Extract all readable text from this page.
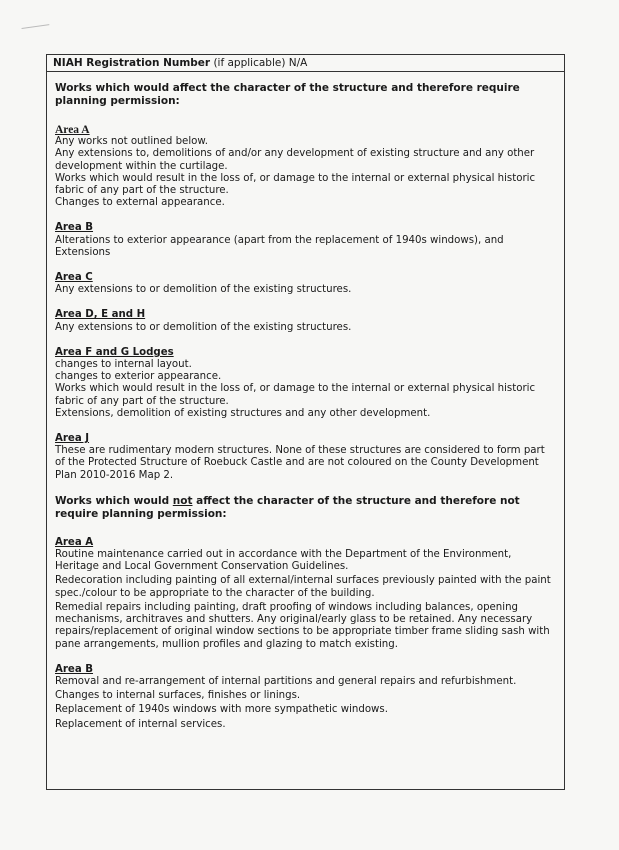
NIAH Registration Number (if applicable) N/A
Works which would affect the character of the structure and therefore require planning permission:
Area A
Any works not outlined below.
Any extensions to, demolitions of and/or any development of existing structure and any other development within the curtilage.
Works which would result in the loss of, or damage to the internal or external physical historic fabric of any part of the structure.
Changes to external appearance.
Area B
Alterations to exterior appearance (apart from the replacement of 1940s windows), and Extensions
Area C
Any extensions to or demolition of the existing structures.
Area D, E and H
Any extensions to or demolition of the existing structures.
Area F and G Lodges
changes to internal layout.
changes to exterior appearance.
Works which would result in the loss of, or damage to the internal or external physical historic fabric of any part of the structure.
Extensions, demolition of existing structures and any other development.
Area J
These are rudimentary modern structures. None of these structures are considered to form part of the Protected Structure of Roebuck Castle and are not coloured on the County Development Plan 2010-2016 Map 2.
Works which would not affect the character of the structure and therefore not require planning permission:
Area A
Routine maintenance carried out in accordance with the Department of the Environment, Heritage and Local Government Conservation Guidelines.
Redecoration including painting of all external/internal surfaces previously painted with the paint spec./colour to be appropriate to the character of the building.
Remedial repairs including painting, draft proofing of windows including balances, opening mechanisms, architraves and shutters. Any original/early glass to be retained. Any necessary repairs/replacement of original window sections to be appropriate timber frame sliding sash with pane arrangements, mullion profiles and glazing to match existing.
Area B
Removal and re-arrangement of internal partitions and general repairs and refurbishment.
Changes to internal surfaces, finishes or linings.
Replacement of 1940s windows with more sympathetic windows.
Replacement of internal services.
